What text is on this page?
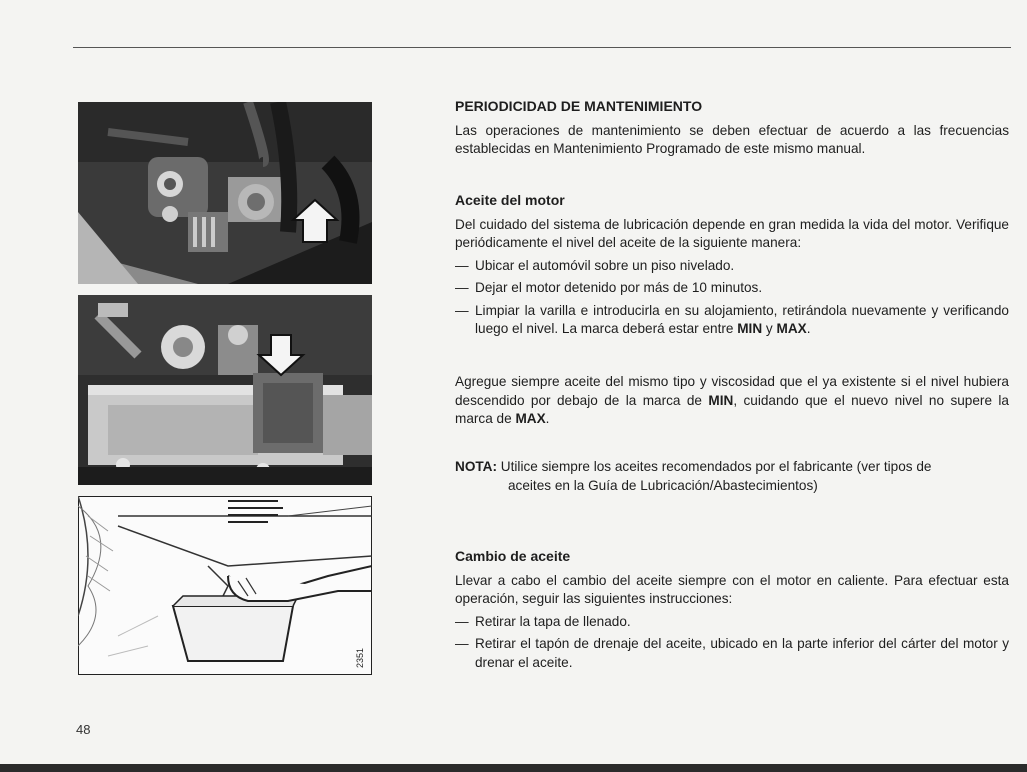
2351
PERIODICIDAD DE MANTENIMIENTO

Las operaciones de mantenimiento se deben efectuar de acuerdo a las frecuencias establecidas en Mantenimiento Programado de este mismo manual.

Aceite del motor

Del cuidado del sistema de lubricación depende en gran medida la vida del motor. Verifique periódicamente el nivel del aceite de la siguiente manera:

— Ubicar el automóvil sobre un piso nivelado.

— Dejar el motor detenido por más de 10 minutos.

— Limpiar la varilla e introducirla en su alojamiento, retirándola nuevamente y verificando luego el nivel. La marca deberá estar entre MIN y MAX.

Agregue siempre aceite del mismo tipo y viscosidad que el ya existente si el nivel hubiera descendido por debajo de la marca de MIN, cuidando que el nuevo nivel no supere la marca de MAX.

NOTA: Utilice siempre los aceites recomendados por el fabricante (ver tipos de

aceites en la Guía de Lubricación/Abastecimientos)

Cambio de aceite

Llevar a cabo el cambio del aceite siempre con el motor en caliente. Para efectuar esta operación, seguir las siguientes instrucciones:

— Retirar la tapa de llenado.

— Retirar el tapón de drenaje del aceite, ubicado en la parte inferior del cárter del motor y drenar el aceite.

48
